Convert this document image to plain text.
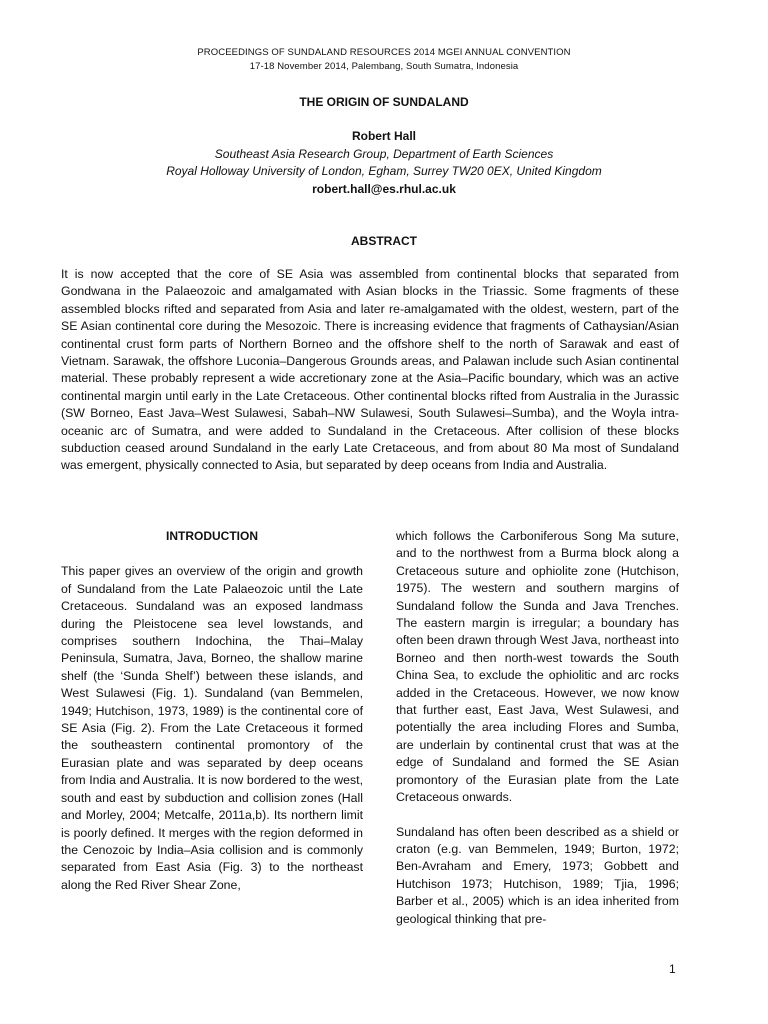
PROCEEDINGS OF SUNDALAND RESOURCES 2014 MGEI ANNUAL CONVENTION
17-18 November 2014, Palembang, South Sumatra, Indonesia
THE ORIGIN OF SUNDALAND
Robert Hall
Southeast Asia Research Group, Department of Earth Sciences
Royal Holloway University of London, Egham, Surrey TW20 0EX, United Kingdom
robert.hall@es.rhul.ac.uk
ABSTRACT
It is now accepted that the core of SE Asia was assembled from continental blocks that separated from Gondwana in the Palaeozoic and amalgamated with Asian blocks in the Triassic. Some fragments of these assembled blocks rifted and separated from Asia and later re-amalgamated with the oldest, western, part of the SE Asian continental core during the Mesozoic. There is increasing evidence that fragments of Cathaysian/Asian continental crust form parts of Northern Borneo and the offshore shelf to the north of Sarawak and east of Vietnam. Sarawak, the offshore Luconia–Dangerous Grounds areas, and Palawan include such Asian continental material. These probably represent a wide accretionary zone at the Asia–Pacific boundary, which was an active continental margin until early in the Late Cretaceous. Other continental blocks rifted from Australia in the Jurassic (SW Borneo, East Java–West Sulawesi, Sabah–NW Sulawesi, South Sulawesi–Sumba), and the Woyla intra-oceanic arc of Sumatra, and were added to Sundaland in the Cretaceous. After collision of these blocks subduction ceased around Sundaland in the early Late Cretaceous, and from about 80 Ma most of Sundaland was emergent, physically connected to Asia, but separated by deep oceans from India and Australia.
INTRODUCTION

This paper gives an overview of the origin and growth of Sundaland from the Late Palaeozoic until the Late Cretaceous. Sundaland was an exposed landmass during the Pleistocene sea level lowstands, and comprises southern Indochina, the Thai–Malay Peninsula, Sumatra, Java, Borneo, the shallow marine shelf (the ‘Sunda Shelf’) between these islands, and West Sulawesi (Fig. 1). Sundaland (van Bemmelen, 1949; Hutchison, 1973, 1989) is the continental core of SE Asia (Fig. 2). From the Late Cretaceous it formed the southeastern continental promontory of the Eurasian plate and was separated by deep oceans from India and Australia. It is now bordered to the west, south and east by subduction and collision zones (Hall and Morley, 2004; Metcalfe, 2011a,b). Its northern limit is poorly defined. It merges with the region deformed in the Cenozoic by India–Asia collision and is commonly separated from East Asia (Fig. 3) to the northeast along the Red River Shear Zone,

which follows the Carboniferous Song Ma suture, and to the northwest from a Burma block along a Cretaceous suture and ophiolite zone (Hutchison, 1975). The western and southern margins of Sundaland follow the Sunda and Java Trenches. The eastern margin is irregular; a boundary has often been drawn through West Java, northeast into Borneo and then north-west towards the South China Sea, to exclude the ophiolitic and arc rocks added in the Cretaceous. However, we now know that further east, East Java, West Sulawesi, and potentially the area including Flores and Sumba, are underlain by continental crust that was at the edge of Sundaland and formed the SE Asian promontory of the Eurasian plate from the Late Cretaceous onwards.

Sundaland has often been described as a shield or craton (e.g. van Bemmelen, 1949; Burton, 1972; Ben-Avraham and Emery, 1973; Gobbett and Hutchison 1973; Hutchison, 1989; Tjia, 1996; Barber et al., 2005) which is an idea inherited from geological thinking that pre-

1
